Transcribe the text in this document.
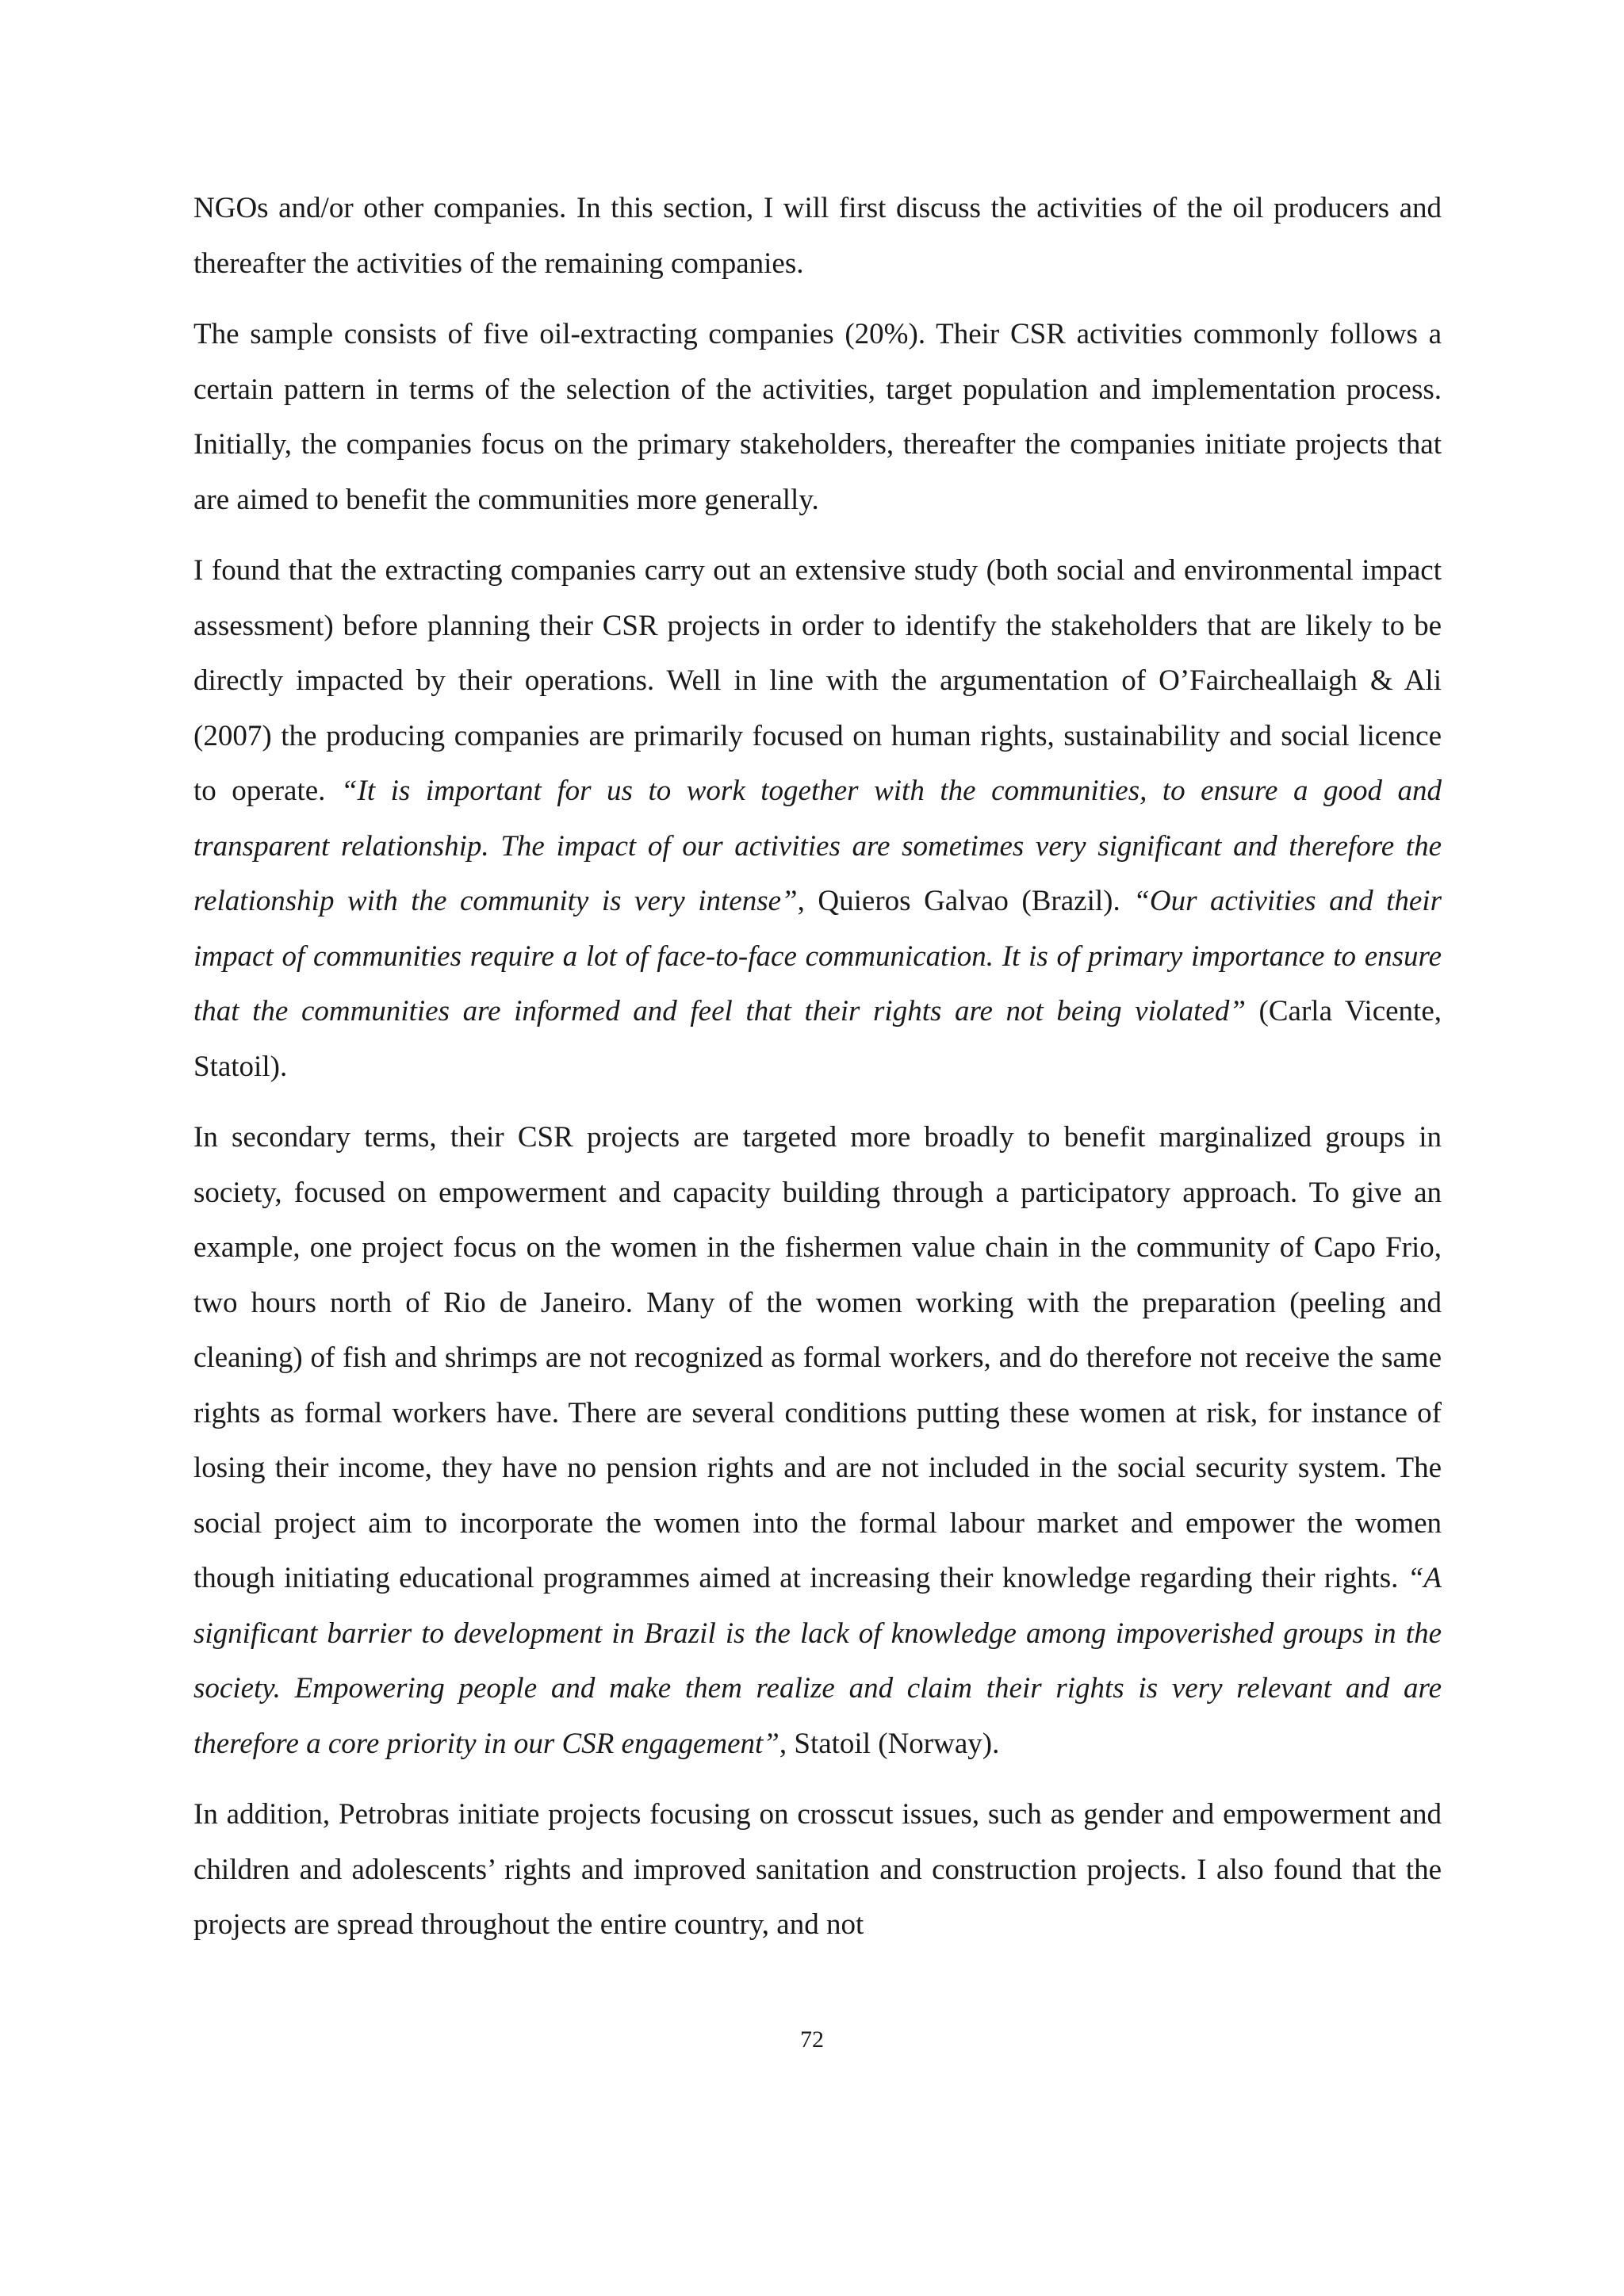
NGOs and/or other companies. In this section, I will first discuss the activities of the oil producers and thereafter the activities of the remaining companies.

The sample consists of five oil-extracting companies (20%). Their CSR activities commonly follows a certain pattern in terms of the selection of the activities, target population and implementation process. Initially, the companies focus on the primary stakeholders, thereafter the companies initiate projects that are aimed to benefit the communities more generally.

I found that the extracting companies carry out an extensive study (both social and environmental impact assessment) before planning their CSR projects in order to identify the stakeholders that are likely to be directly impacted by their operations. Well in line with the argumentation of O’Faircheallaigh & Ali (2007) the producing companies are primarily focused on human rights, sustainability and social licence to operate. “It is important for us to work together with the communities, to ensure a good and transparent relationship. The impact of our activities are sometimes very significant and therefore the relationship with the community is very intense”, Quieros Galvao (Brazil). “Our activities and their impact of communities require a lot of face-to-face communication. It is of primary importance to ensure that the communities are informed and feel that their rights are not being violated” (Carla Vicente, Statoil).

In secondary terms, their CSR projects are targeted more broadly to benefit marginalized groups in society, focused on empowerment and capacity building through a participatory approach. To give an example, one project focus on the women in the fishermen value chain in the community of Capo Frio, two hours north of Rio de Janeiro. Many of the women working with the preparation (peeling and cleaning) of fish and shrimps are not recognized as formal workers, and do therefore not receive the same rights as formal workers have. There are several conditions putting these women at risk, for instance of losing their income, they have no pension rights and are not included in the social security system. The social project aim to incorporate the women into the formal labour market and empower the women though initiating educational programmes aimed at increasing their knowledge regarding their rights. “A significant barrier to development in Brazil is the lack of knowledge among impoverished groups in the society. Empowering people and make them realize and claim their rights is very relevant and are therefore a core priority in our CSR engagement”, Statoil (Norway).

In addition, Petrobras initiate projects focusing on crosscut issues, such as gender and empowerment and children and adolescents’ rights and improved sanitation and construction projects. I also found that the projects are spread throughout the entire country, and not

72
